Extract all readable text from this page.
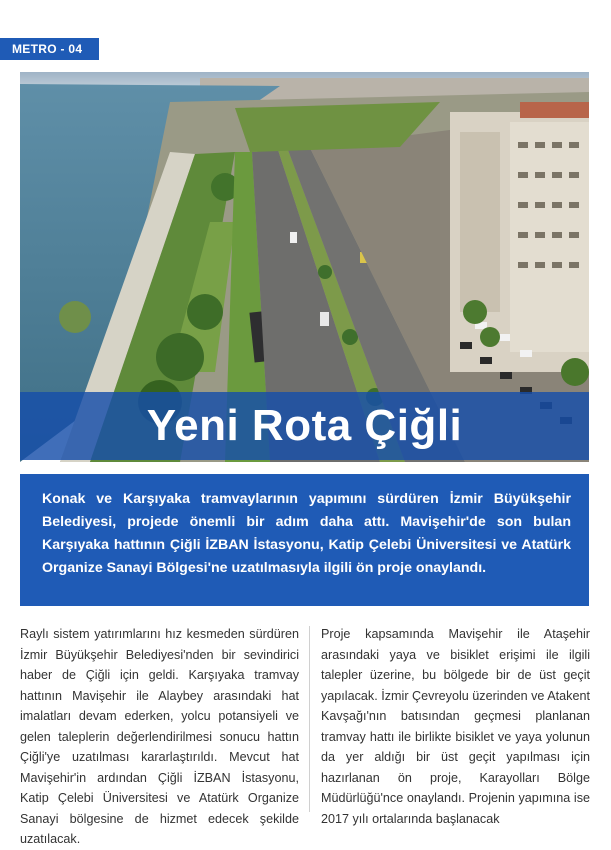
METRO - 04
Yeni Rota Çiğli
Konak ve Karşıyaka tramvaylarının yapımını sürdüren İzmir Büyükşehir Belediyesi, projede önemli bir adım daha attı. Mavişehir'de son bulan Karşıyaka hattının Çiğli İZBAN İstasyonu, Katip Çelebi Üniversitesi ve Atatürk Organize Sanayi Bölgesi'ne uzatılmasıyla ilgili ön proje onaylandı.
Raylı sistem yatırımlarını hız kesmeden sürdüren İzmir Büyükşehir Belediyesi'nden bir sevindirici haber de Çiğli için geldi. Karşıyaka tramvay hattının Mavişehir ile Alaybey arasındaki hat imalatları devam ederken, yolcu potansiyeli ve gelen taleplerin değerlendirilmesi sonucu hattın Çiğli'ye uzatılması kararlaştırıldı. Mevcut hat Mavişehir'in ardından Çiğli İZBAN İstasyonu, Katip Çelebi Üniversitesi ve Atatürk Organize Sanayi bölgesine de hizmet edecek şekilde uzatılacak.
Proje kapsamında Mavişehir ile Ataşehir arasındaki yaya ve bisiklet erişimi ile ilgili talepler üzerine, bu bölgede bir de üst geçit yapılacak. İzmir Çevreyolu üzerinden ve Atakent Kavşağı'nın batısından geçmesi planlanan tramvay hattı ile birlikte bisiklet ve yaya yolunun da yer aldığı bir üst geçit yapılması için hazırlanan ön proje, Karayolları Bölge Müdürlüğü'nce onaylandı. Projenin yapımına ise 2017 yılı ortalarında başlanacak
